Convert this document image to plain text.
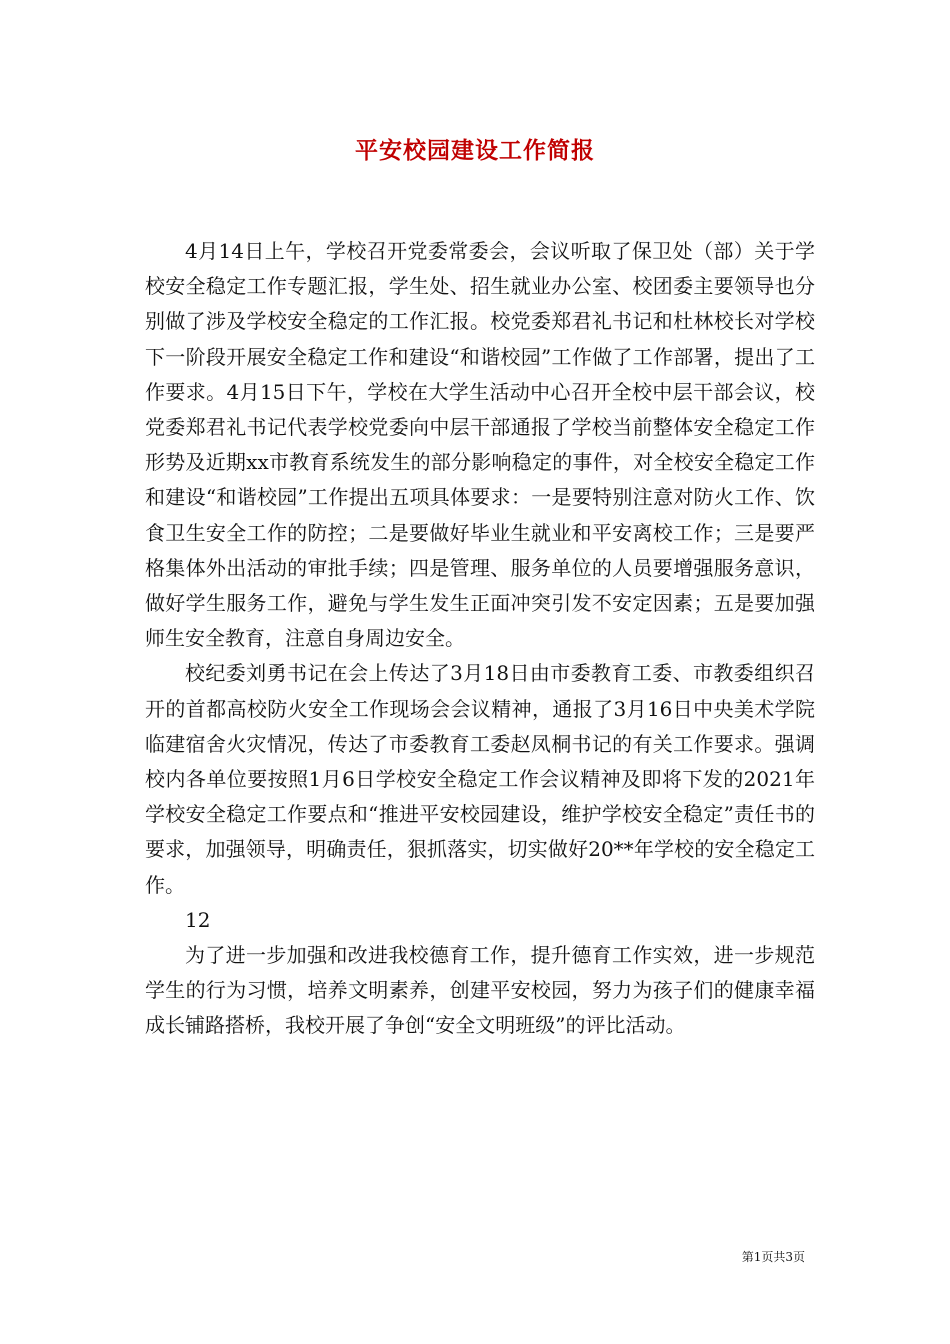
平安校园建设工作简报

4月14日上午，学校召开党委常委会，会议听取了保卫处（部）关于学校安全稳定工作专题汇报，学生处、招生就业办公室、校团委主要领导也分别做了涉及学校安全稳定的工作汇报。校党委郑君礼书记和杜林校长对学校下一阶段开展安全稳定工作和建设“和谐校园”工作做了工作部署，提出了工作要求。4月15日下午，学校在大学生活动中心召开全校中层干部会议，校党委郑君礼书记代表学校党委向中层干部通报了学校当前整体安全稳定工作形势及近期xx市教育系统发生的部分影响稳定的事件，对全校安全稳定工作和建设“和谐校园”工作提出五项具体要求：一是要特别注意对防火工作、饮食卫生安全工作的防控；二是要做好毕业生就业和平安离校工作；三是要严格集体外出活动的审批手续；四是管理、服务单位的人员要增强服务意识，做好学生服务工作，避免与学生发生正面冲突引发不安定因素；五是要加强师生安全教育，注意自身周边安全。

校纪委刘勇书记在会上传达了3月18日由市委教育工委、市教委组织召开的首都高校防火安全工作现场会会议精神，通报了3月16日中央美术学院临建宿舍火灾情况，传达了市委教育工委赵凤桐书记的有关工作要求。强调校内各单位要按照1月6日学校安全稳定工作会议精神及即将下发的2021年学校安全稳定工作要点和“推进平安校园建设，维护学校安全稳定”责任书的要求，加强领导，明确责任，狠抓落实，切实做好20**年学校的安全稳定工作。

12

为了进一步加强和改进我校德育工作，提升德育工作实效，进一步规范学生的行为习惯，培养文明素养，创建平安校园，努力为孩子们的健康幸福成长铺路搭桥，我校开展了争创“安全文明班级”的评比活动。

第1页共3页
